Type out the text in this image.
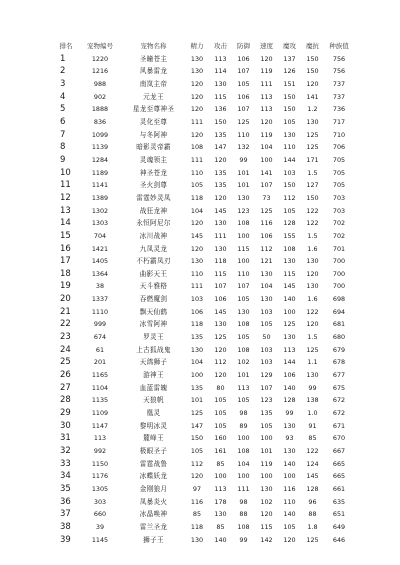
排名	宠物编号	宠物名称	精力	攻击	防御	速度	魔攻	魔抗	种族值
1	1220	圣瞳苍主	130	113	106	120	137	150	756
2	1216	风暴雷龙	130	114	107	119	126	150	756
3	988	南岚主帝	120	130	105	111	151	120	737
4	902	元龙王	120	115	106	113	150	141	737
5	1888	星龙至尊神圣	120	136	107	113	150	1.2	736
6	836	灵化至尊	111	150	125	120	105	130	717
7	1099	与冬阿神	120	135	110	119	130	125	710
8	1139	暗影灵帝霸	108	147	132	104	110	125	706
9	1284	灵魂领主	111	120	99	100	144	171	705
10	1189	神圣苍龙	110	135	101	141	103	1.5	705
11	1141	圣火剑尊	105	135	101	107	150	127	705
12	1389	雷霆妙灵凤	118	120	130	73	112	150	703
13	1302	战狂龙神	104	145	123	125	105	122	703
14	1303	永恒阿尼尔	120	130	108	116	128	122	702
15	704	冰川战神	145	111	100	106	155	1.5	702
16	1421	九凤灵龙	120	130	115	112	108	1.6	701
17	1405	不朽霸凤刃	130	118	100	121	130	130	700
18	1364	曲影天王	110	115	110	130	115	120	700
19	38	天斗雅格	111	107	107	104	145	130	700
20	1337	吞燃魔剑	103	106	105	130	140	1.6	698
21	1110	飘天仙鹤	106	145	130	103	100	122	694
22	999	冰雪阿神	118	130	108	105	125	120	681
23	674	罗灵王	135	125	105	50	130	1.5	680
24	61	上古狐战鬼	130	120	108	103	113	125	679
25	201	天鸽狮子	104	112	102	103	144	1.1	678
26	1165	游神王	100	120	101	129	106	130	677
27	1104	血蓝雷魄	135	80	113	107	140	99	675
28	1135	天狼帆	101	105	105	123	128	138	672
29	1109	凰灵	125	105	98	135	99	1.0	672
30	1147	黎明冰灵	147	105	89	105	130	91	671
31	113	麓峰王	150	160	100	100	93	85	670
32	992	极眼圣子	105	161	108	101	130	122	667
33	1150	雷霆战鲁	112	85	104	119	140	124	665
34	1176	冰蝶妖龙	120	100	100	100	100	145	665
35	1305	金刚狼月	97	113	111	130	116	128	661
36	303	凤暴炎火	116	178	98	102	110	96	635
37	660	冰晶唤神	85	130	88	120	140	88	651
38	39	雷兰圣龙	118	85	108	115	105	1.8	649
39	1145	狮子王	130	140	99	142	120	125	646
